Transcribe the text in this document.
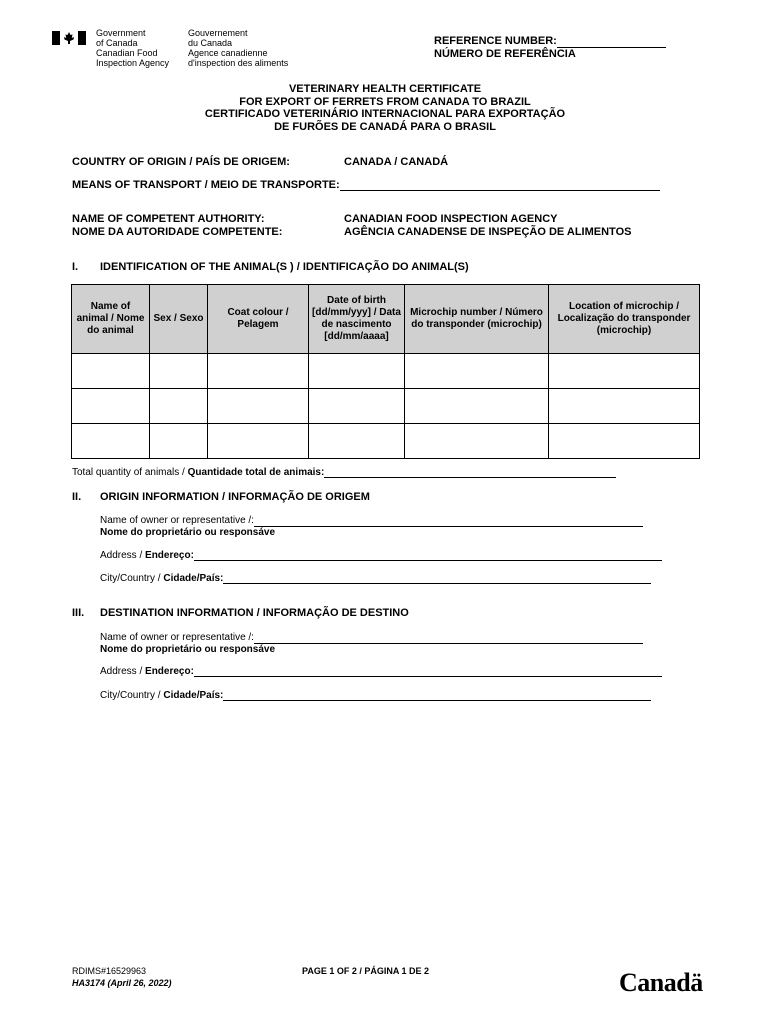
Government
of Canada
Gouvernement
du Canada
Canadian Food
Inspection Agency
Agence canadienne
d'inspection des aliments
REFERENCE NUMBER:
NÚMERO DE REFERÊNCIA
VETERINARY HEALTH CERTIFICATE
FOR EXPORT OF FERRETS FROM CANADA TO BRAZIL
CERTIFICADO VETERINÁRIO INTERNACIONAL PARA EXPORTAÇÃO
DE FURÕES DE CANADÁ PARA O BRASIL
COUNTRY OF ORIGIN / PAÍS DE ORIGEM:	CANADA / CANADÁ
MEANS OF TRANSPORT / MEIO DE TRANSPORTE:
NAME OF COMPETENT AUTHORITY:
NOME DA AUTORIDADE COMPETENTE:
CANADIAN FOOD INSPECTION AGENCY
AGÊNCIA CANADENSE DE INSPEÇÃO DE ALIMENTOS
I. IDENTIFICATION OF THE ANIMAL(S ) / IDENTIFICAÇÃO DO ANIMAL(S)
Name of animal / Nome do animal	Sex / Sexo	Coat colour / Pelagem	Date of birth [dd/mm/yyy] / Data de nascimento [dd/mm/aaaa]	Microchip number / Número do transponder (microchip)	Location of microchip / Localização do transponder (microchip)

Total quantity of animals / Quantidade total de animais:
II. ORIGIN INFORMATION / INFORMAÇÃO DE ORIGEM
Name of owner or representative /:
Nome do proprietário ou responsáve
Address / Endereço:
City/Country / Cidade/País:
III. DESTINATION INFORMATION / INFORMAÇÃO DE DESTINO
Name of owner or representative /:
Nome do proprietário ou responsáve
Address / Endereço:
City/Country / Cidade/País:
RDIMS#16529963
HA3174 (April 26, 2022)
PAGE 1 OF 2 / PÁGINA 1 DE 2	Canadä
